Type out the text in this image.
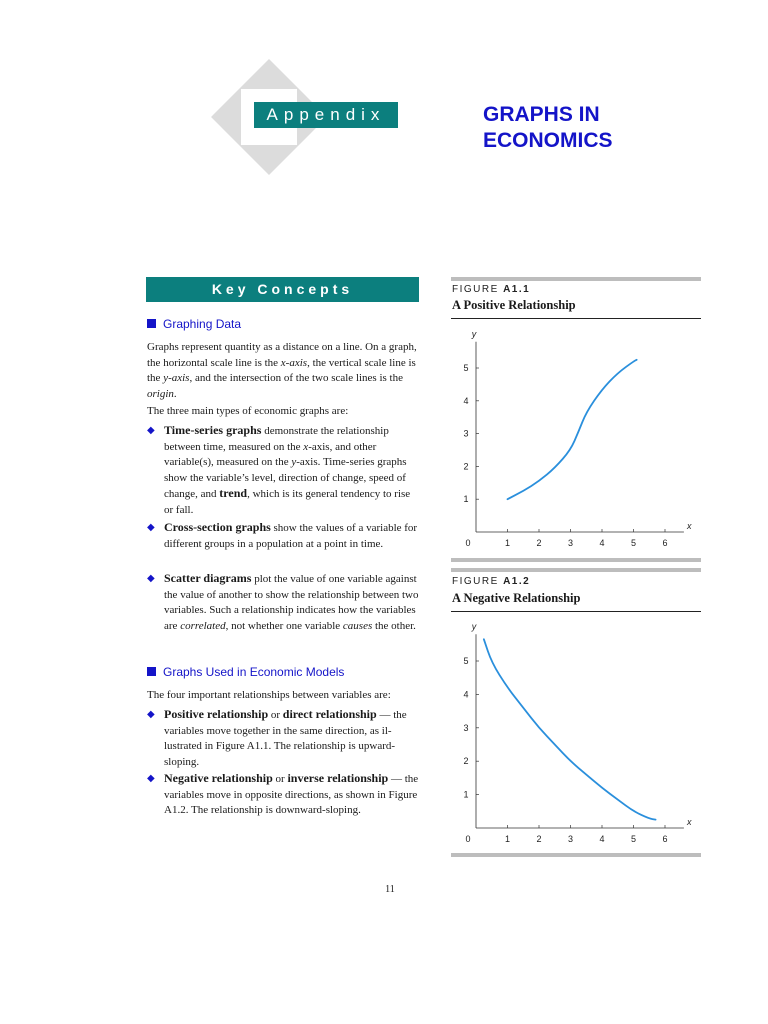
Appendix	GRAPHS IN
ECONOMICS
Key Concepts
Graphing Data
Graphs represent quantity as a distance on a line. On a graph, the horizontal scale line is the x-axis, the vertical scale line is the y-axis, and the intersection of the two scale lines is the origin.
The three main types of economic graphs are:
◆ Time-series graphs demonstrate the relationship between time, measured on the x-axis, and other variable(s), measured on the y-axis. Time-series graphs show the variable’s level, direction of change, speed of change, and trend, which is its general tendency to rise or fall.
◆ Cross-section graphs show the values of a variable for different groups in a population at a point in time.
◆ Scatter diagrams plot the value of one variable against the value of another to show the relationship between two variables. Such a relationship indicates how the variables are correlated, not whether one variable causes the other.
Graphs Used in Economic Models
The four important relationships between variables are:
◆ Positive relationship or direct relationship — the variables move together in the same direction, as illustrated in Figure A1.1. The relationship is upward-sloping.
◆ Negative relationship or inverse relationship — the variables move in opposite directions, as shown in Figure A1.2. The relationship is downward-sloping.
FIGURE A1.1
A Positive Relationship
y
x
0	1	2	3	4	5	6
1
2
3
4
5
FIGURE A1.2
A Negative Relationship
y
x
0	1	2	3	4	5	6
1
2
3
4
5
11
